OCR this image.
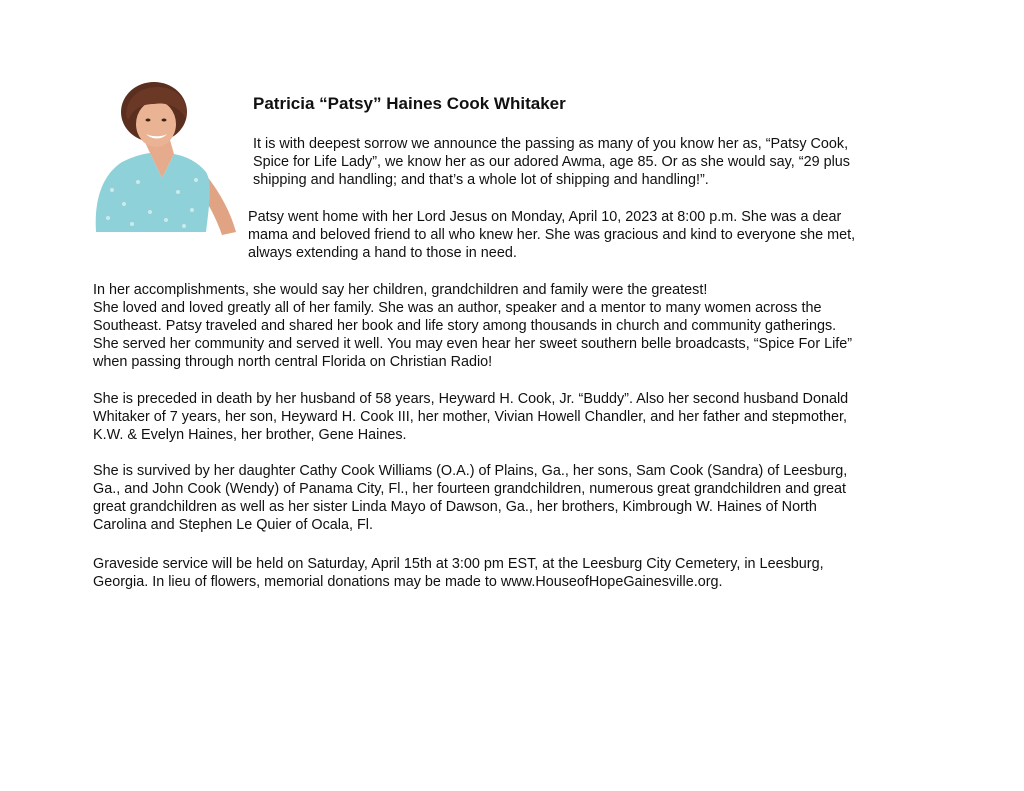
Patricia “Patsy” Haines Cook Whitaker

It is with deepest sorrow we announce the passing as many of you know her as, “Patsy Cook,
Spice for Life Lady”, we know her as our adored Awma, age 85. Or as she would say, “29 plus
shipping and handling; and that’s a whole lot of shipping and handling!”.

Patsy went home with her Lord Jesus on Monday, April 10, 2023 at 8:00 p.m. She was a dear
mama and beloved friend to all who knew her. She was gracious and kind to everyone she met,
always extending a hand to those in need.

In her accomplishments, she would say her children, grandchildren and family were the greatest!
She loved and loved greatly all of her family. She was an author, speaker and a mentor to many women across the
Southeast. Patsy traveled and shared her book and life story among thousands in church and community gatherings.
She served her community and served it well. You may even hear her sweet southern belle broadcasts, “Spice For Life”
when passing through north central Florida on Christian Radio!

She is preceded in death by her husband of 58 years, Heyward H. Cook, Jr. “Buddy”. Also her second husband Donald
Whitaker of 7 years, her son, Heyward H. Cook III, her mother, Vivian Howell Chandler, and her father and stepmother,
K.W. & Evelyn Haines, her brother, Gene Haines.

She is survived by her daughter Cathy Cook Williams (O.A.) of Plains, Ga., her sons, Sam Cook (Sandra) of Leesburg,
Ga., and John Cook (Wendy) of Panama City, Fl., her fourteen grandchildren, numerous great grandchildren and great
great grandchildren as well as her sister Linda Mayo of Dawson, Ga., her brothers, Kimbrough W. Haines of North
Carolina and Stephen Le Quier of Ocala, Fl.

Graveside service will be held on Saturday, April 15th at 3:00 pm EST, at the Leesburg City Cemetery, in Leesburg,
Georgia. In lieu of flowers, memorial donations may be made to www.HouseofHopeGainesville.org.
